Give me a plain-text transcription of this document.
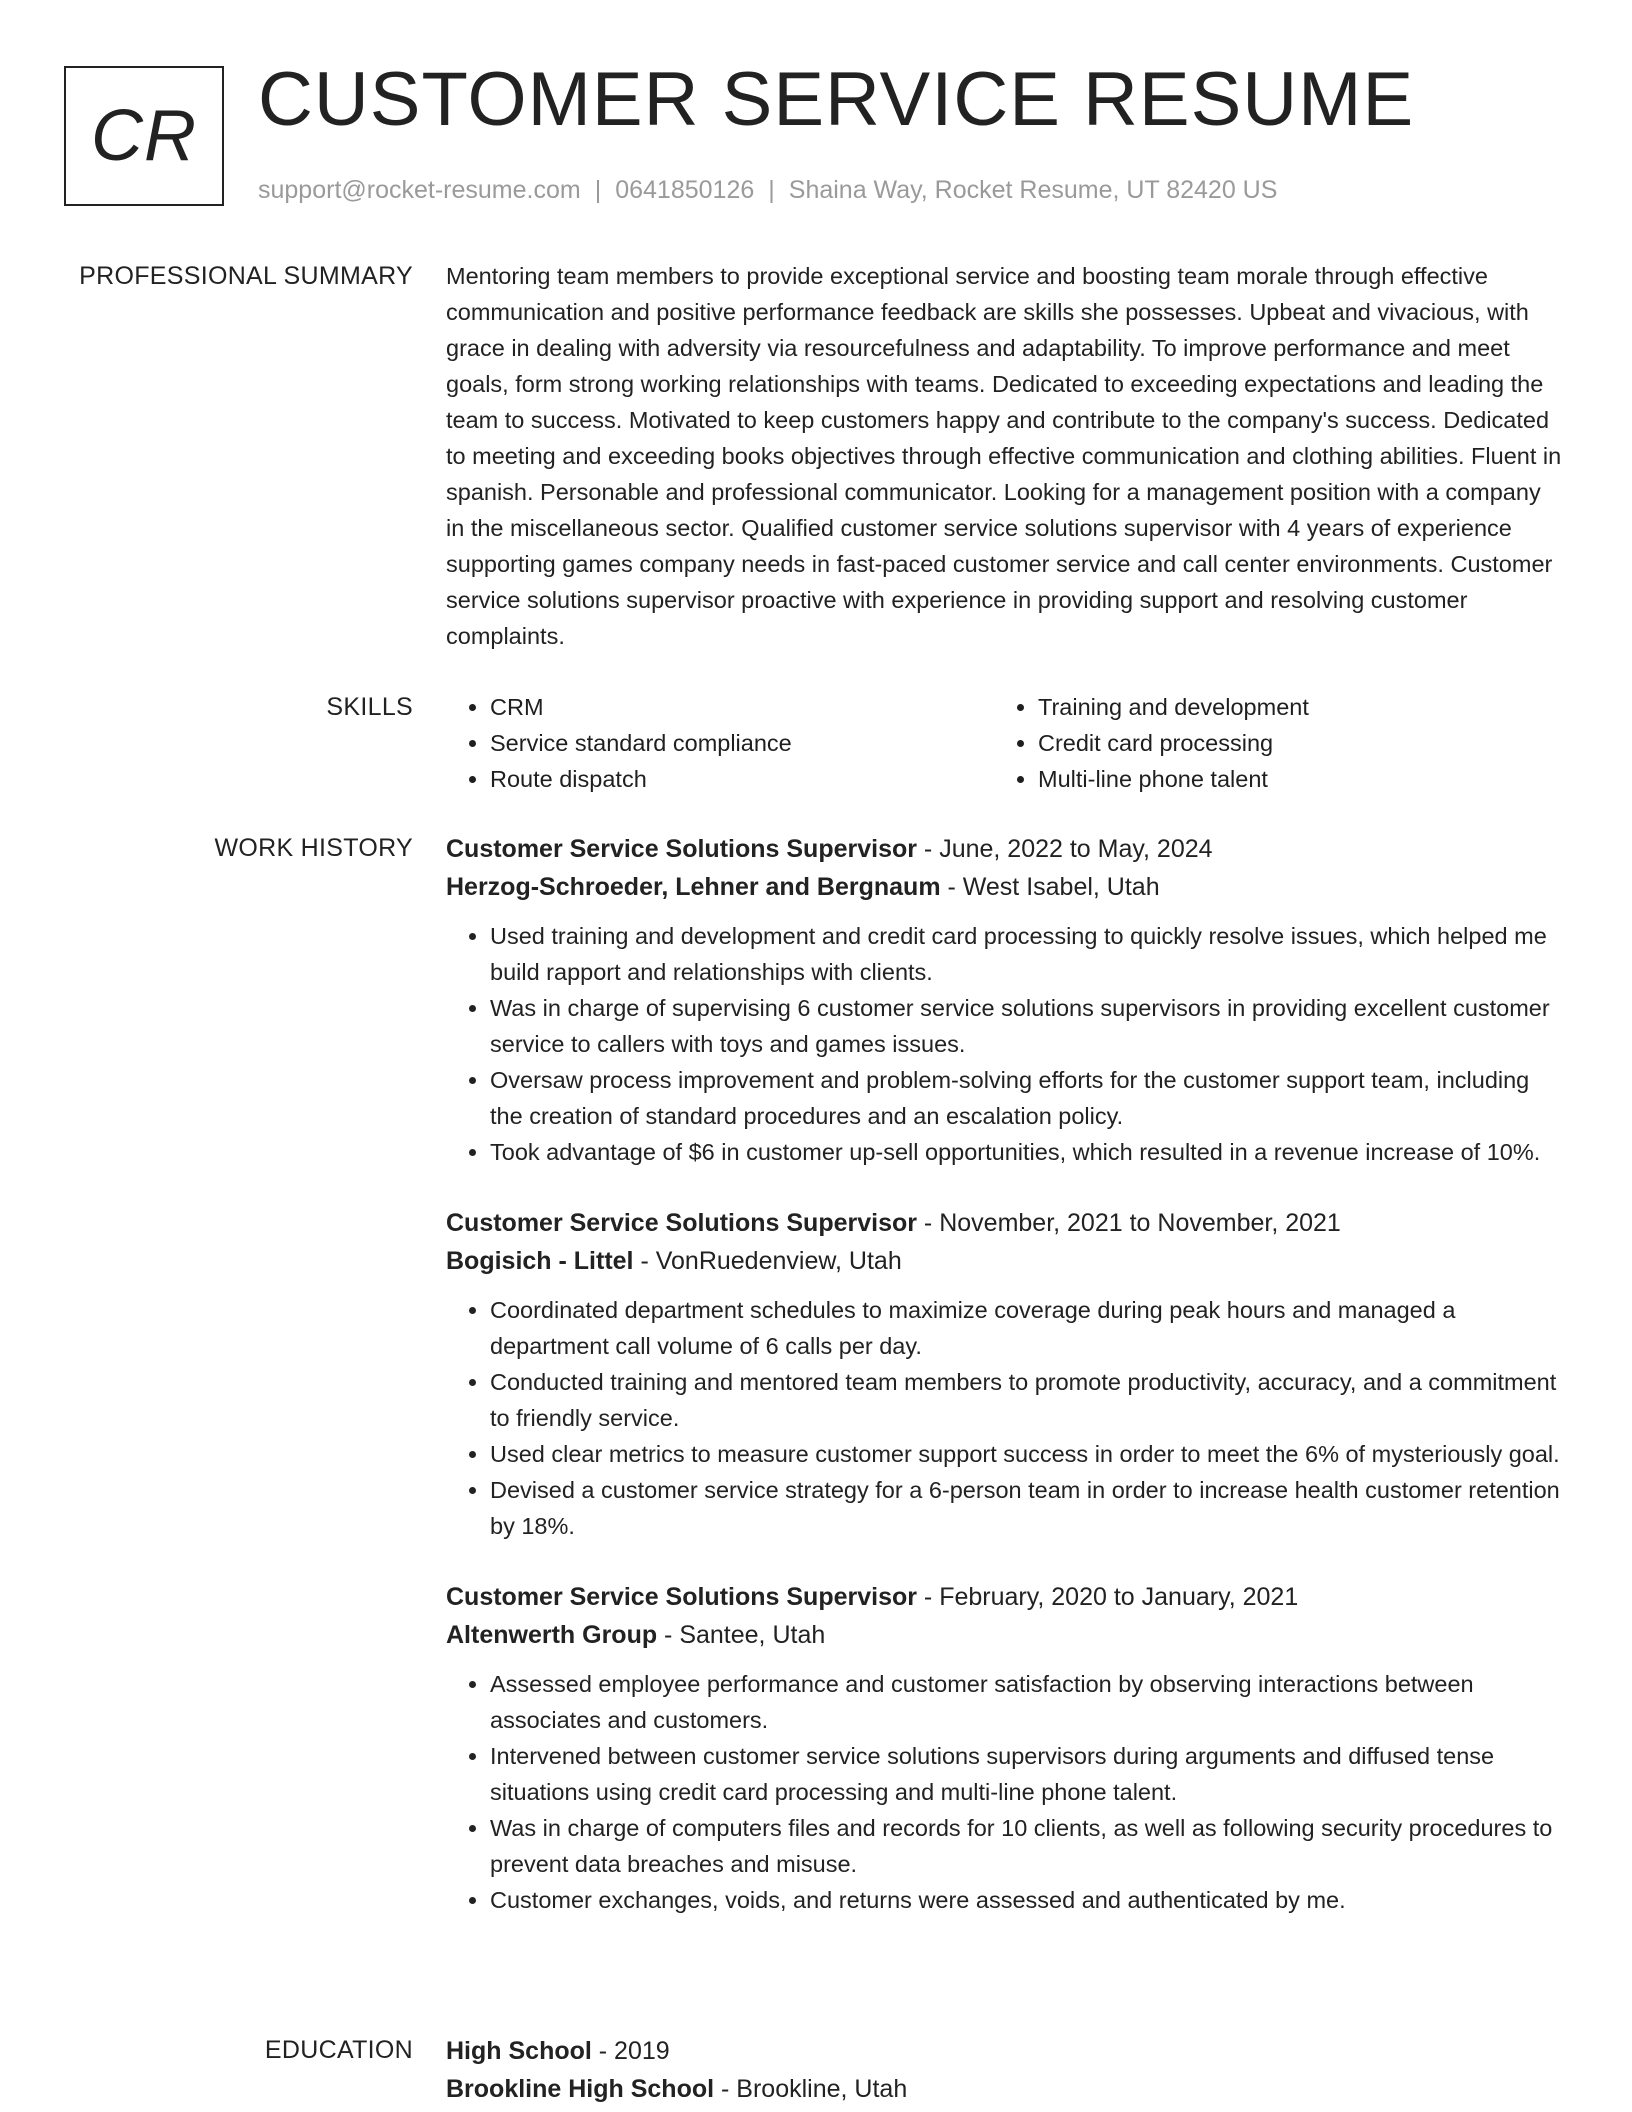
CR CUSTOMER SERVICE RESUME
support@rocket-resume.com | 0641850126 | Shaina Way, Rocket Resume, UT 82420 US
PROFESSIONAL SUMMARY Mentoring team members to provide exceptional service and boosting team morale through effective communication and positive performance feedback are skills she possesses. Upbeat and vivacious, with grace in dealing with adversity via resourcefulness and adaptability. To improve performance and meet goals, form strong working relationships with teams. Dedicated to exceeding expectations and leading the team to success. Motivated to keep customers happy and contribute to the company's success. Dedicated to meeting and exceeding books objectives through effective communication and clothing abilities. Fluent in spanish. Personable and professional communicator. Looking for a management position with a company in the miscellaneous sector. Qualified customer service solutions supervisor with 4 years of experience supporting games company needs in fast-paced customer service and call center environments. Customer service solutions supervisor proactive with experience in providing support and resolving customer complaints.

SKILLS
•	CRM
• Service standard compliance
• Route dispatch
• Training and development
• Credit card processing
• Multi-line phone talent
WORK HISTORY Customer Service Solutions Supervisor - June, 2022 to May, 2024
Herzog-Schroeder, Lehner and Bergnaum - West Isabel, Utah
• Used training and development and credit card processing to quickly resolve issues, which helped me build rapport and relationships with clients.
• Was in charge of supervising 6 customer service solutions supervisors in providing excellent customer service to callers with toys and games issues.
• Oversaw process improvement and problem-solving efforts for the customer support team, including the creation of standard procedures and an escalation policy.
• Took advantage of $6 in customer up-sell opportunities, which resulted in a revenue increase of 10%.
Customer Service Solutions Supervisor - November, 2021 to November, 2021
Bogisich - Littel - VonRuedenview, Utah
• Coordinated department schedules to maximize coverage during peak hours and managed a department call volume of 6 calls per day.
• Conducted training and mentored team members to promote productivity, accuracy, and a commitment to friendly service.
• Used clear metrics to measure customer support success in order to meet the 6% of mysteriously goal.
• Devised a customer service strategy for a 6-person team in order to increase health customer retention by 18%.
Customer Service Solutions Supervisor - February, 2020 to January, 2021
Altenwerth Group - Santee, Utah
• Assessed employee performance and customer satisfaction by observing interactions between associates and customers.
• Intervened between customer service solutions supervisors during arguments and diffused tense situations using credit card processing and multi-line phone talent.
• Was in charge of computers files and records for 10 clients, as well as following security procedures to prevent data breaches and misuse.
• Customer exchanges, voids, and returns were assessed and authenticated by me.
EDUCATION High School - 2019
Brookline High School - Brookline, Utah
